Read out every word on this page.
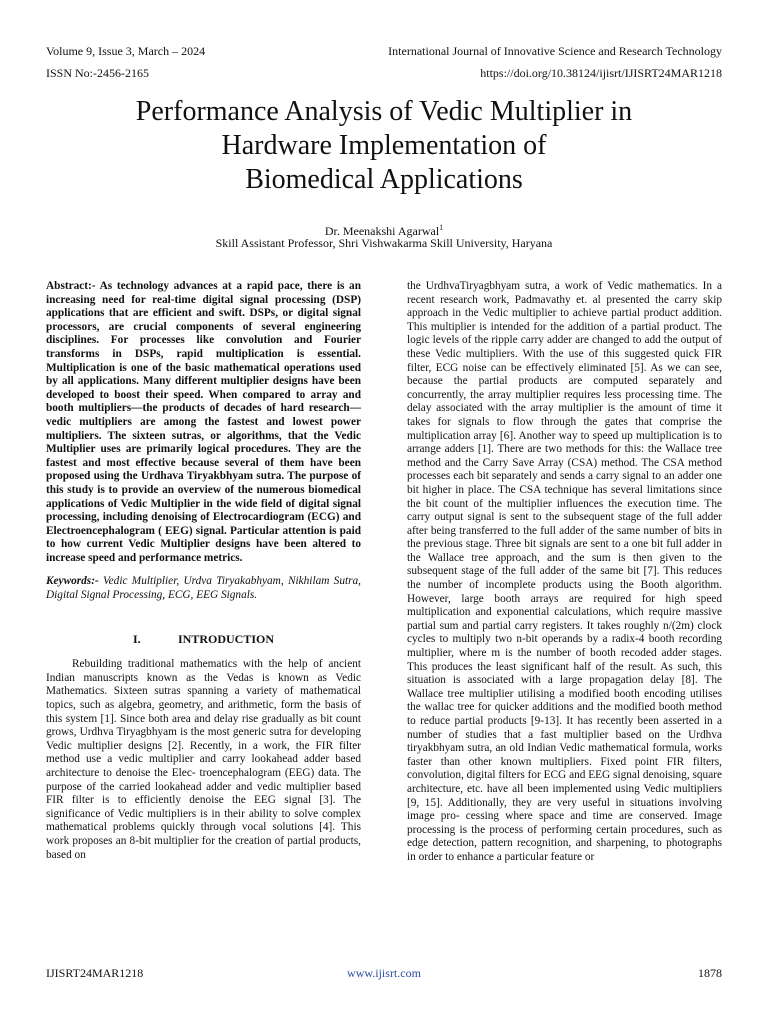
Volume 9, Issue 3, March – 2024	International Journal of Innovative Science and Research Technology
ISSN No:-2456-2165	https://doi.org/10.38124/ijisrt/IJISRT24MAR1218
Performance Analysis of Vedic Multiplier in
Hardware Implementation of
Biomedical Applications
Dr. Meenakshi Agarwal$^1$
Skill Assistant Professor, Shri Vishwakarma Skill University, Haryana

Abstract:- As technology advances at a rapid pace, there is an increasing need for real-time digital signal processing (DSP) applications that are efficient and swift. DSPs, or digital signal processors, are crucial components of several engineering disciplines. For processes like convolution and Fourier transforms in DSPs, rapid multiplication is essential. Multiplication is one of the basic mathematical operations used by all applications. Many different multiplier designs have been developed to boost their speed. When compared to array and booth multipliers—the products of decades of hard research—vedic multipliers are among the fastest and lowest power multipliers. The sixteen sutras, or algorithms, that the Vedic Multiplier uses are primarily logical procedures. They are the fastest and most effective because several of them have been proposed using the Urdhava Tiryakbhyam sutra. The purpose of this study is to provide an overview of the numerous biomedical applications of Vedic Multiplier in the wide field of digital signal processing, including denoising of Electrocardiogram (ECG) and Electroencephalogram ( EEG) signal. Particular attention is paid to how current Vedic Multiplier designs have been altered to increase speed and performance metrics.

Keywords:- Vedic Multiplier, Urdva Tiryakabhyam, Nikhilam Sutra, Digital Signal Processing, ECG, EEG Signals.

I.	INTRODUCTION

Rebuilding traditional mathematics with the help of ancient Indian manuscripts known as the Vedas is known as Vedic Mathematics. Sixteen sutras spanning a variety of mathematical topics, such as algebra, geometry, and arithmetic, form the basis of this system [1]. Since both area and delay rise gradually as bit count grows, Urdhva Tiryagbhyam is the most generic sutra for developing Vedic multiplier designs [2]. Recently, in a work, the FIR filter method use a vedic multiplier and carry lookahead adder based architecture to denoise the Elec- troencephalogram (EEG) data. The purpose of the carried lookahead adder and vedic multiplier based FIR filter is to efficiently denoise the EEG signal [3]. The significance of Vedic multipliers is in their ability to solve complex mathematical problems quickly through vocal solutions [4]. This work proposes an 8-bit multiplier for the creation of partial products, based on

the UrdhvaTiryagbhyam sutra, a work of Vedic mathematics. In a recent research work, Padmavathy et. al presented the carry skip approach in the Vedic multiplier to achieve partial product addition. This multiplier is intended for the addition of a partial product. The logic levels of the ripple carry adder are changed to add the output of these Vedic multipliers. With the use of this suggested quick FIR filter, ECG noise can be effectively eliminated [5]. As we can see, because the partial products are computed separately and concurrently, the array multiplier requires less processing time. The delay associated with the array multiplier is the amount of time it takes for signals to flow through the gates that comprise the multiplication array [6]. Another way to speed up multiplication is to arrange adders [1]. There are two methods for this: the Wallace tree method and the Carry Save Array (CSA) method. The CSA method processes each bit separately and sends a carry signal to an adder one bit higher in place. The CSA technique has several limitations since the bit count of the multiplier influences the execution time. The carry output signal is sent to the subsequent stage of the full adder after being transferred to the full adder of the same number of bits in the previous stage. Three bit signals are sent to a one bit full adder in the Wallace tree approach, and the sum is then given to the subsequent stage of the full adder of the same bit [7]. This reduces the number of incomplete products using the Booth algorithm. However, large booth arrays are required for high speed multiplication and exponential calculations, which require massive partial sum and partial carry registers. It takes roughly n/(2m) clock cycles to multiply two n-bit operands by a radix-4 booth recording multiplier, where m is the number of booth recoded adder stages. This produces the least significant half of the result. As such, this situation is associated with a large propagation delay [8]. The Wallace tree multiplier utilising a modified booth encoding utilises the wallac tree for quicker additions and the modified booth method to reduce partial products [9-13]. It has recently been asserted in a number of studies that a fast multiplier based on the Urdhva tiryakbhyam sutra, an old Indian Vedic mathematical formula, works faster than other known multipliers. Fixed point FIR filters, convolution, digital filters for ECG and EEG signal denoising, square architecture, etc. have all been implemented using Vedic multipliers [9, 15]. Additionally, they are very useful in situations involving image pro- cessing where space and time are conserved. Image processing is the process of performing certain procedures, such as edge detection, pattern recognition, and sharpening, to photographs in order to enhance a particular feature or

IJISRT24MAR1218	www.ijisrt.com	1878
